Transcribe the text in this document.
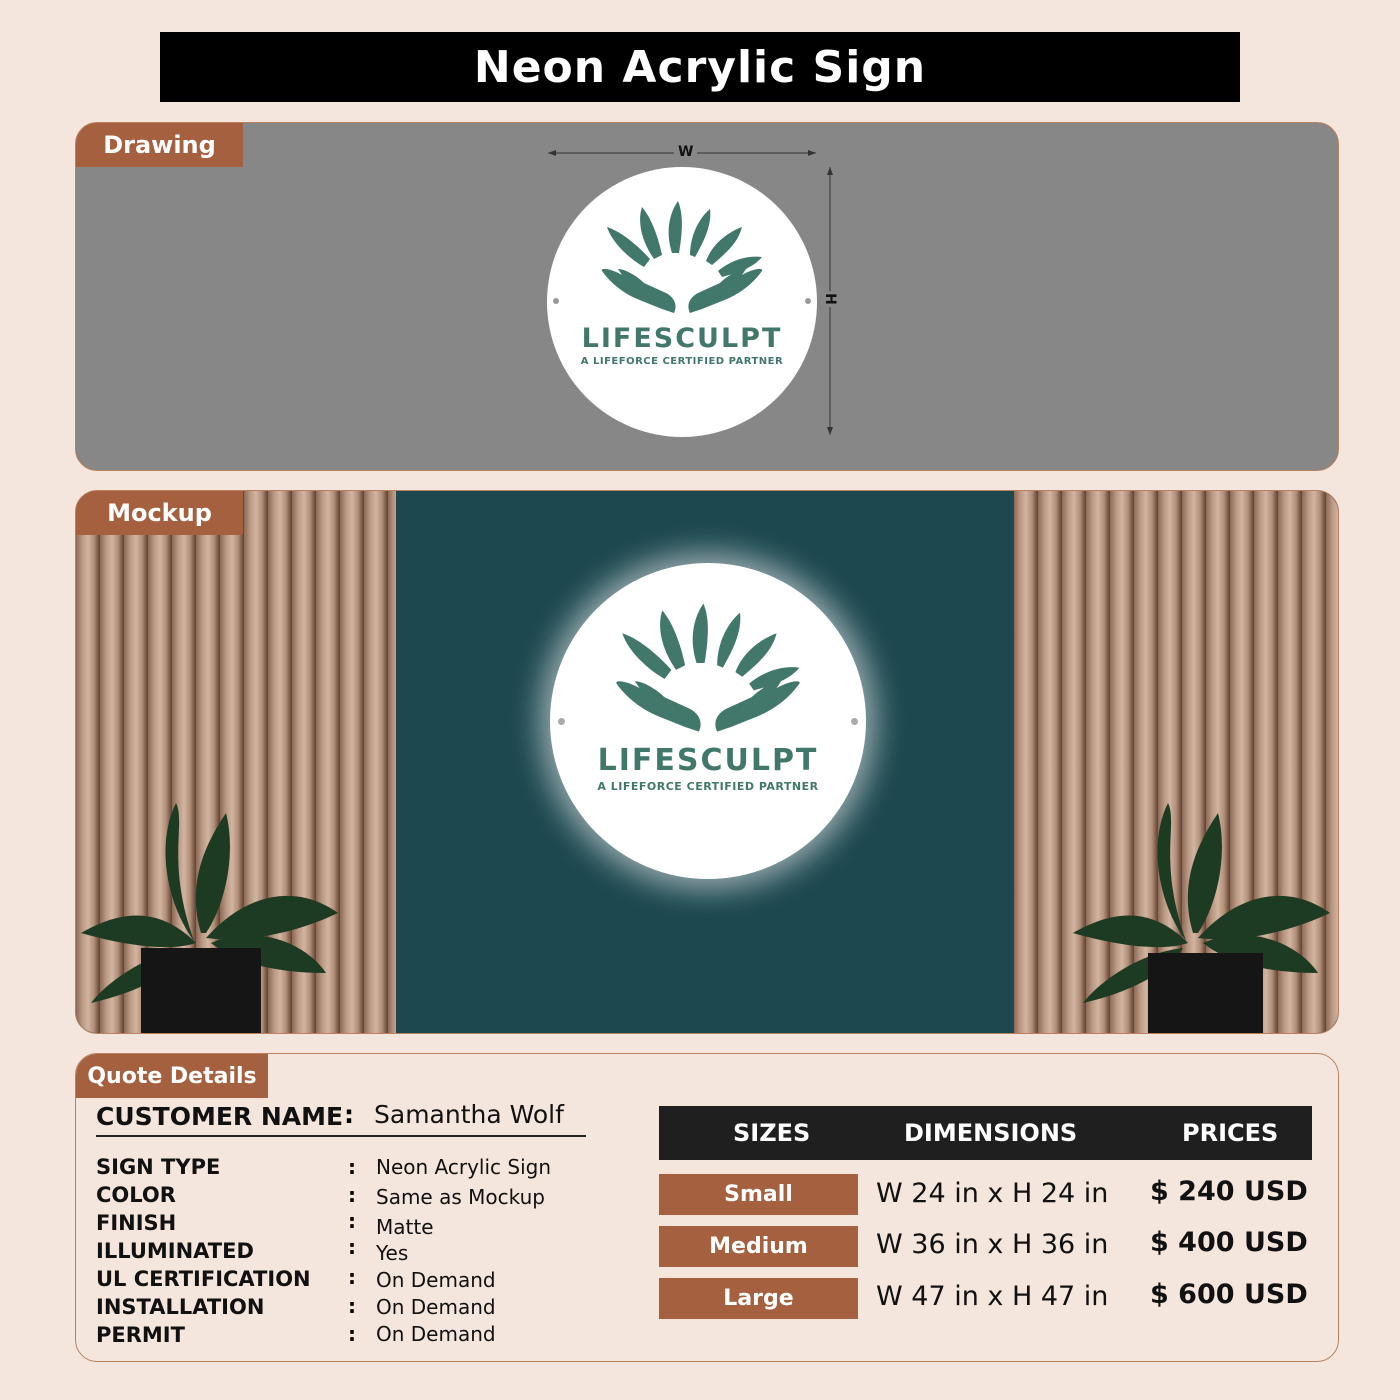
Neon Acrylic Sign
Drawing	W
H
LIFESCULPT
A LIFEFORCE CERTIFIED PARTNER
Mockup
LIFESCULPT
A LIFEFORCE CERTIFIED PARTNER
Quote Details
CUSTOMER NAME : Samantha Wolf
SIGN TYPE	: Neon Acrylic Sign
COLOR	: Same as Mockup
FINISH	: Matte
ILLUMINATED	: Yes
UL CERTIFICATION : On Demand
INSTALLATION	: On Demand
PERMIT	: On Demand
SIZES	DIMENSIONS	PRICES
Small	W 24 in x H 24 in $ 240 USD
Medium	W 36 in x H 36 in $ 400 USD
Large	W 47 in x H 47 in $ 600 USD
